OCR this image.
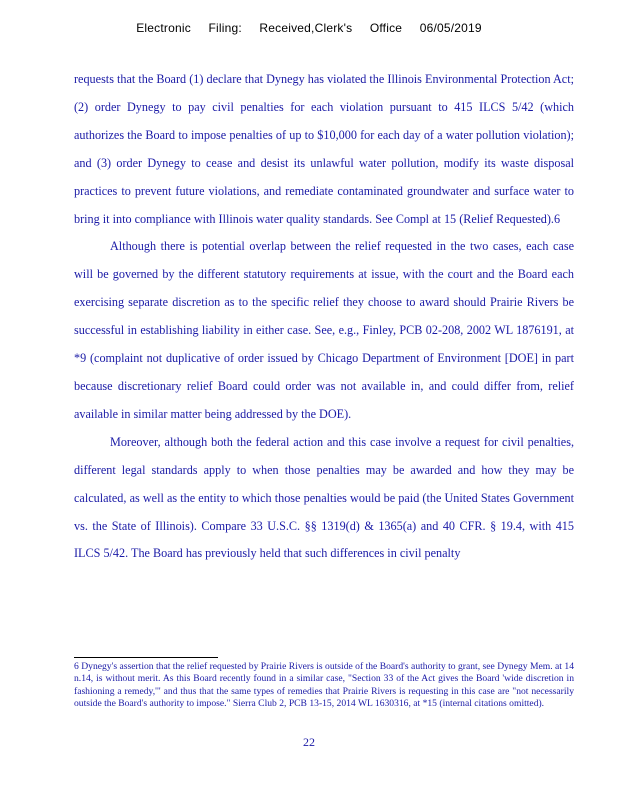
Electronic Filing: Received,Clerk's Office 06/05/2019

requests that the Board (1) declare that Dynegy has violated the Illinois Environmental Protection Act; (2) order Dynegy to pay civil penalties for each violation pursuant to 415 ILCS 5/42 (which authorizes the Board to impose penalties of up to $10,000 for each day of a water pollution violation); and (3) order Dynegy to cease and desist its unlawful water pollution, modify its waste disposal practices to prevent future violations, and remediate contaminated groundwater and surface water to bring it into compliance with Illinois water quality standards. See Compl at 15 (Relief Requested).6

Although there is potential overlap between the relief requested in the two cases, each case will be governed by the different statutory requirements at issue, with the court and the Board each exercising separate discretion as to the specific relief they choose to award should Prairie Rivers be successful in establishing liability in either case. See, e.g., Finley, PCB 02-208, 2002 WL 1876191, at *9 (complaint not duplicative of order issued by Chicago Department of Environment [DOE] in part because discretionary relief Board could order was not available in, and could differ from, relief available in similar matter being addressed by the DOE).

Moreover, although both the federal action and this case involve a request for civil penalties, different legal standards apply to when those penalties may be awarded and how they may be calculated, as well as the entity to which those penalties would be paid (the United States Government vs. the State of Illinois). Compare 33 U.S.C. §§ 1319(d) & 1365(a) and 40 CFR. § 19.4, with 415 ILCS 5/42. The Board has previously held that such differences in civil penalty

6 Dynegy's assertion that the relief requested by Prairie Rivers is outside of the Board's authority to grant, see Dynegy Mem. at 14 n.14, is without merit. As this Board recently found in a similar case, "Section 33 of the Act gives the Board 'wide discretion in fashioning a remedy,'" and thus that the same types of remedies that Prairie Rivers is requesting in this case are "not necessarily outside the Board's authority to impose." Sierra Club 2, PCB 13-15, 2014 WL 1630316, at *15 (internal citations omitted).
22
